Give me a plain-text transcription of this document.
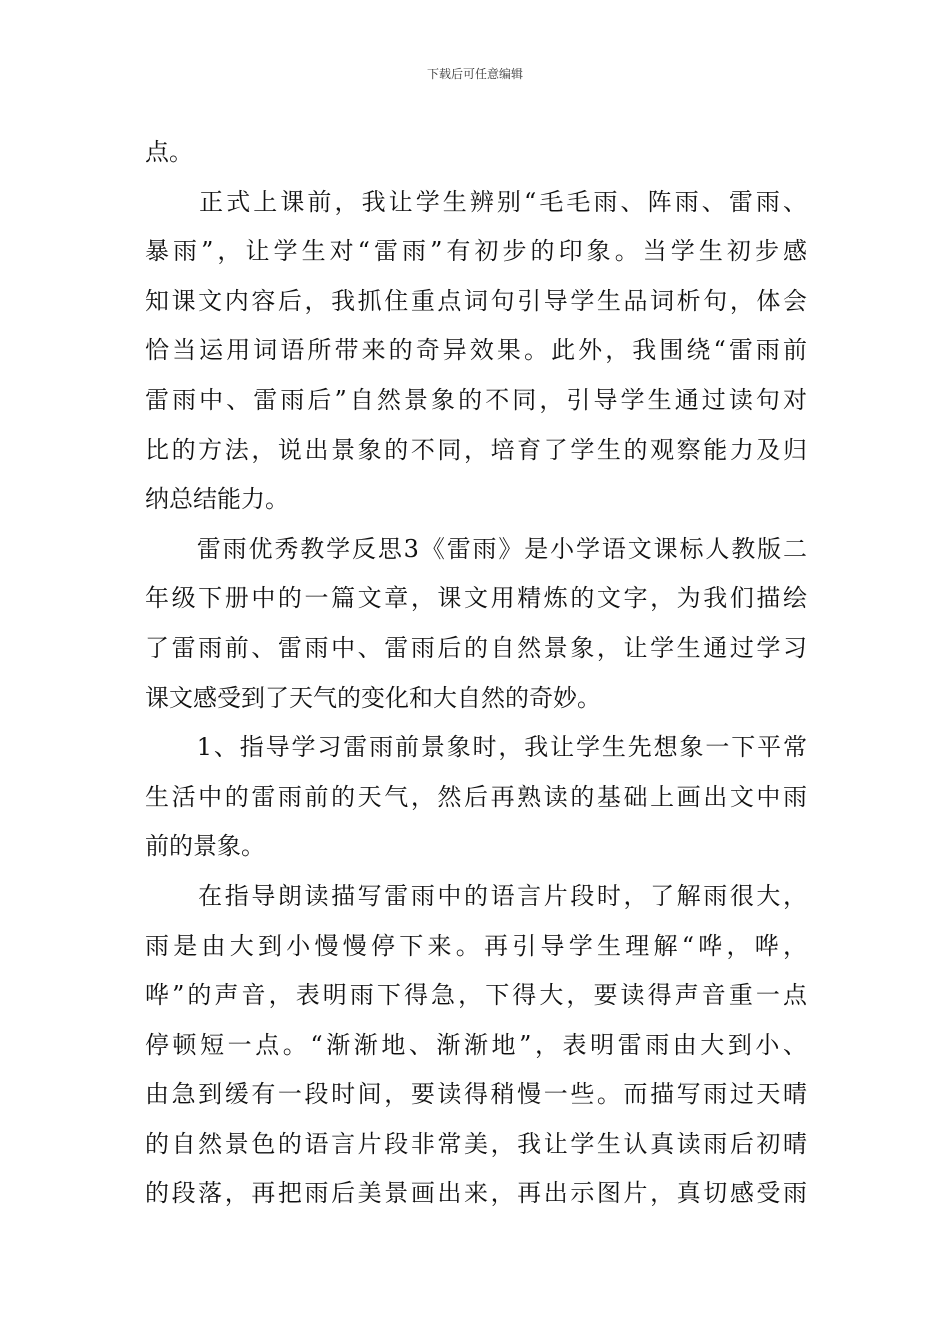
下载后可任意编辑
点。
　　正式上课前，我让学生辨别“毛毛雨、阵雨、雷雨、
暴雨”，让学生对“雷雨”有初步的印象。当学生初步感
知课文内容后，我抓住重点词句引导学生品词析句，体会
恰当运用词语所带来的奇异效果。此外，我围绕“雷雨前
雷雨中、雷雨后”自然景象的不同，引导学生通过读句对
比的方法，说出景象的不同，培育了学生的观察能力及归
纳总结能力。
　　雷雨优秀教学反思3《雷雨》是小学语文课标人教版二
年级下册中的一篇文章，课文用精炼的文字，为我们描绘
了雷雨前、雷雨中、雷雨后的自然景象，让学生通过学习
课文感受到了天气的变化和大自然的奇妙。
　　1、指导学习雷雨前景象时，我让学生先想象一下平常
生活中的雷雨前的天气，然后再熟读的基础上画出文中雨
前的景象。
　　在指导朗读描写雷雨中的语言片段时，了解雨很大，
雨是由大到小慢慢停下来。再引导学生理解“哗，哗，
哗”的声音，表明雨下得急，下得大，要读得声音重一点
停顿短一点。“渐渐地、渐渐地”，表明雷雨由大到小、
由急到缓有一段时间，要读得稍慢一些。而描写雨过天晴
的自然景色的语言片段非常美，我让学生认真读雨后初晴
的段落，再把雨后美景画出来，再出示图片，真切感受雨
